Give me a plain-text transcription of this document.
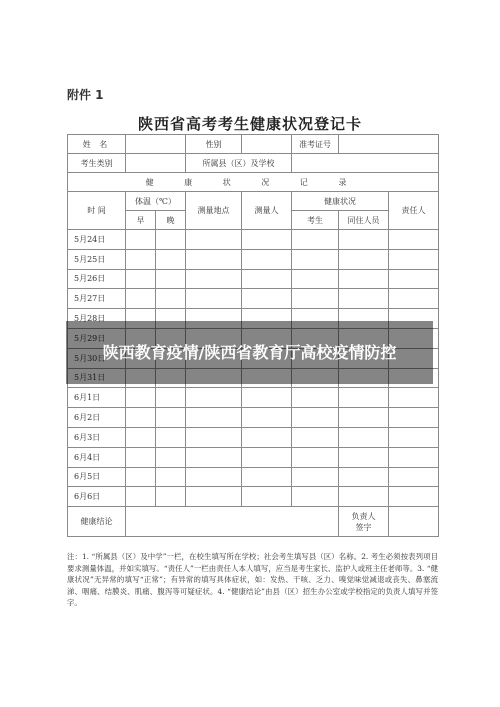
附件 1
陕西省高考考生健康状况登记卡
姓 名			性别		准考证号		
考生类别			所属县（区）及学校				
健 康 状 况 记 录							
时 间	体温（℃）		测量地点	测量人	健康状况		责任人
	早	晚			考生	同住人员	
5月24日							
5月25日							
5月26日							
5月27日							
5月28日							
5月29日							
5月30日							
5月31日							
6月1日							
6月2日							
6月3日							
6月4日							
6月5日							
6月6日							
健康结论						负责人
签字	
注：1. “所属县（区）及中学”一栏，在校生填写所在学校；社会考生填写县（区）名称。2. 考生必须按表列项目要求测量体温，并如实填写。“责任人”一栏由责任人本人填写，应当是考生家长、监护人或班主任老师等。3. “健康状况”无异常的填写“正常”；有异常的填写具体症状，如：发热、干咳、乏力、嗅觉味觉减退或丧失、鼻塞流涕、咽痛、结膜炎、肌痛、腹泻等可疑症状。4. “健康结论”由县（区）招生办公室或学校指定的负责人填写并签字。
陕西教育疫情/陕西省教育厅高校疫情防控
